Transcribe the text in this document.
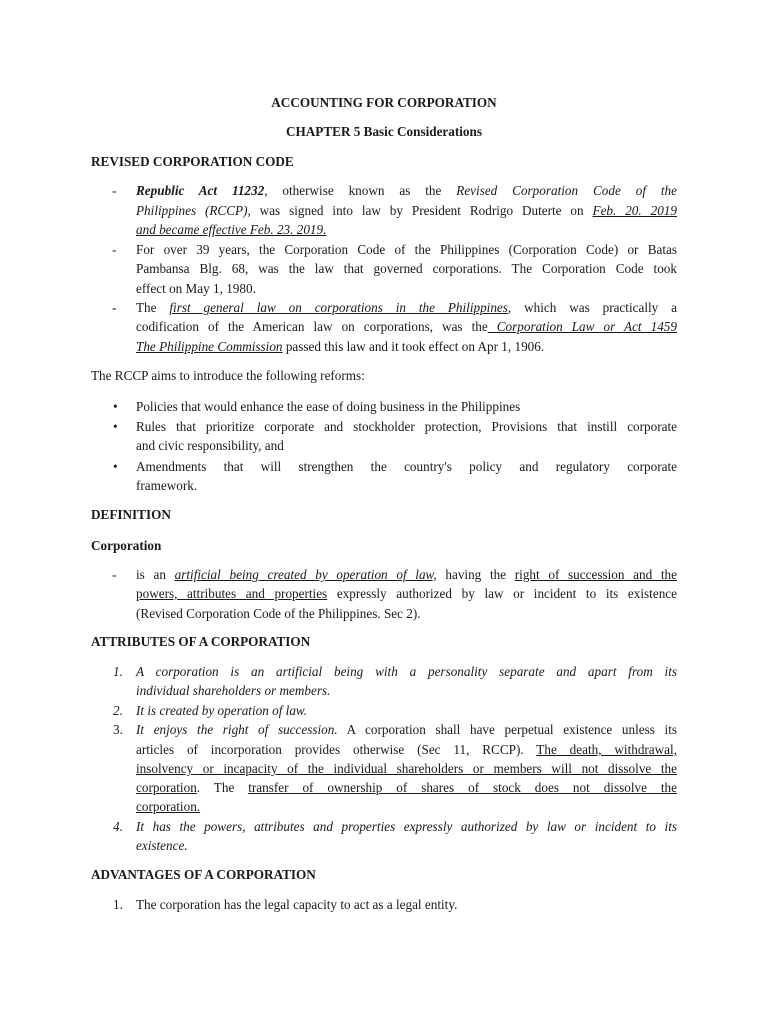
ACCOUNTING FOR CORPORATION
CHAPTER 5 Basic Considerations
REVISED CORPORATION CODE
- Republic Act 11232, otherwise known as the Revised Corporation Code of the
Philippines (RCCP), was signed into law by President Rodrigo Duterte on Feb. 20. 2019
and became effective Feb. 23. 2019.
- For over 39 years, the Corporation Code of the Philippines (Corporation Code) or Batas
Pambansa Blg. 68, was the law that governed corporations. The Corporation Code took
effect on May 1, 1980.
- The first general law on corporations in the Philippines, which was practically a
codification of the American law on corporations, was the Corporation Law or Act 1459
The Philippine Commission passed this law and it took effect on Apr 1, 1906.
The RCCP aims to introduce the following reforms:
• Policies that would enhance the ease of doing business in the Philippines
• Rules that prioritize corporate and stockholder protection, Provisions that instill corporate
and civic responsibility, and
• Amendments that will strengthen the country's policy and regulatory corporate
framework.
DEFINITION
Corporation
- is an artificial being created by operation of law, having the right of succession and the
powers, attributes and properties expressly authorized by law or incident to its existence
(Revised Corporation Code of the Philippines. Sec 2).
ATTRIBUTES OF A CORPORATION
1. A corporation is an artificial being with a personality separate and apart from its
individual shareholders or members.
2. It is created by operation of law.
3. It enjoys the right of succession. A corporation shall have perpetual existence unless its
articles of incorporation provides otherwise (Sec 11, RCCP). The death, withdrawal,
insolvency or incapacity of the individual shareholders or members will not dissolve the
corporation. The transfer of ownership of shares of stock does not dissolve the
corporation.
4. It has the powers, attributes and properties expressly authorized by law or incident to its
existence.
ADVANTAGES OF A CORPORATION
1. The corporation has the legal capacity to act as a legal entity.
